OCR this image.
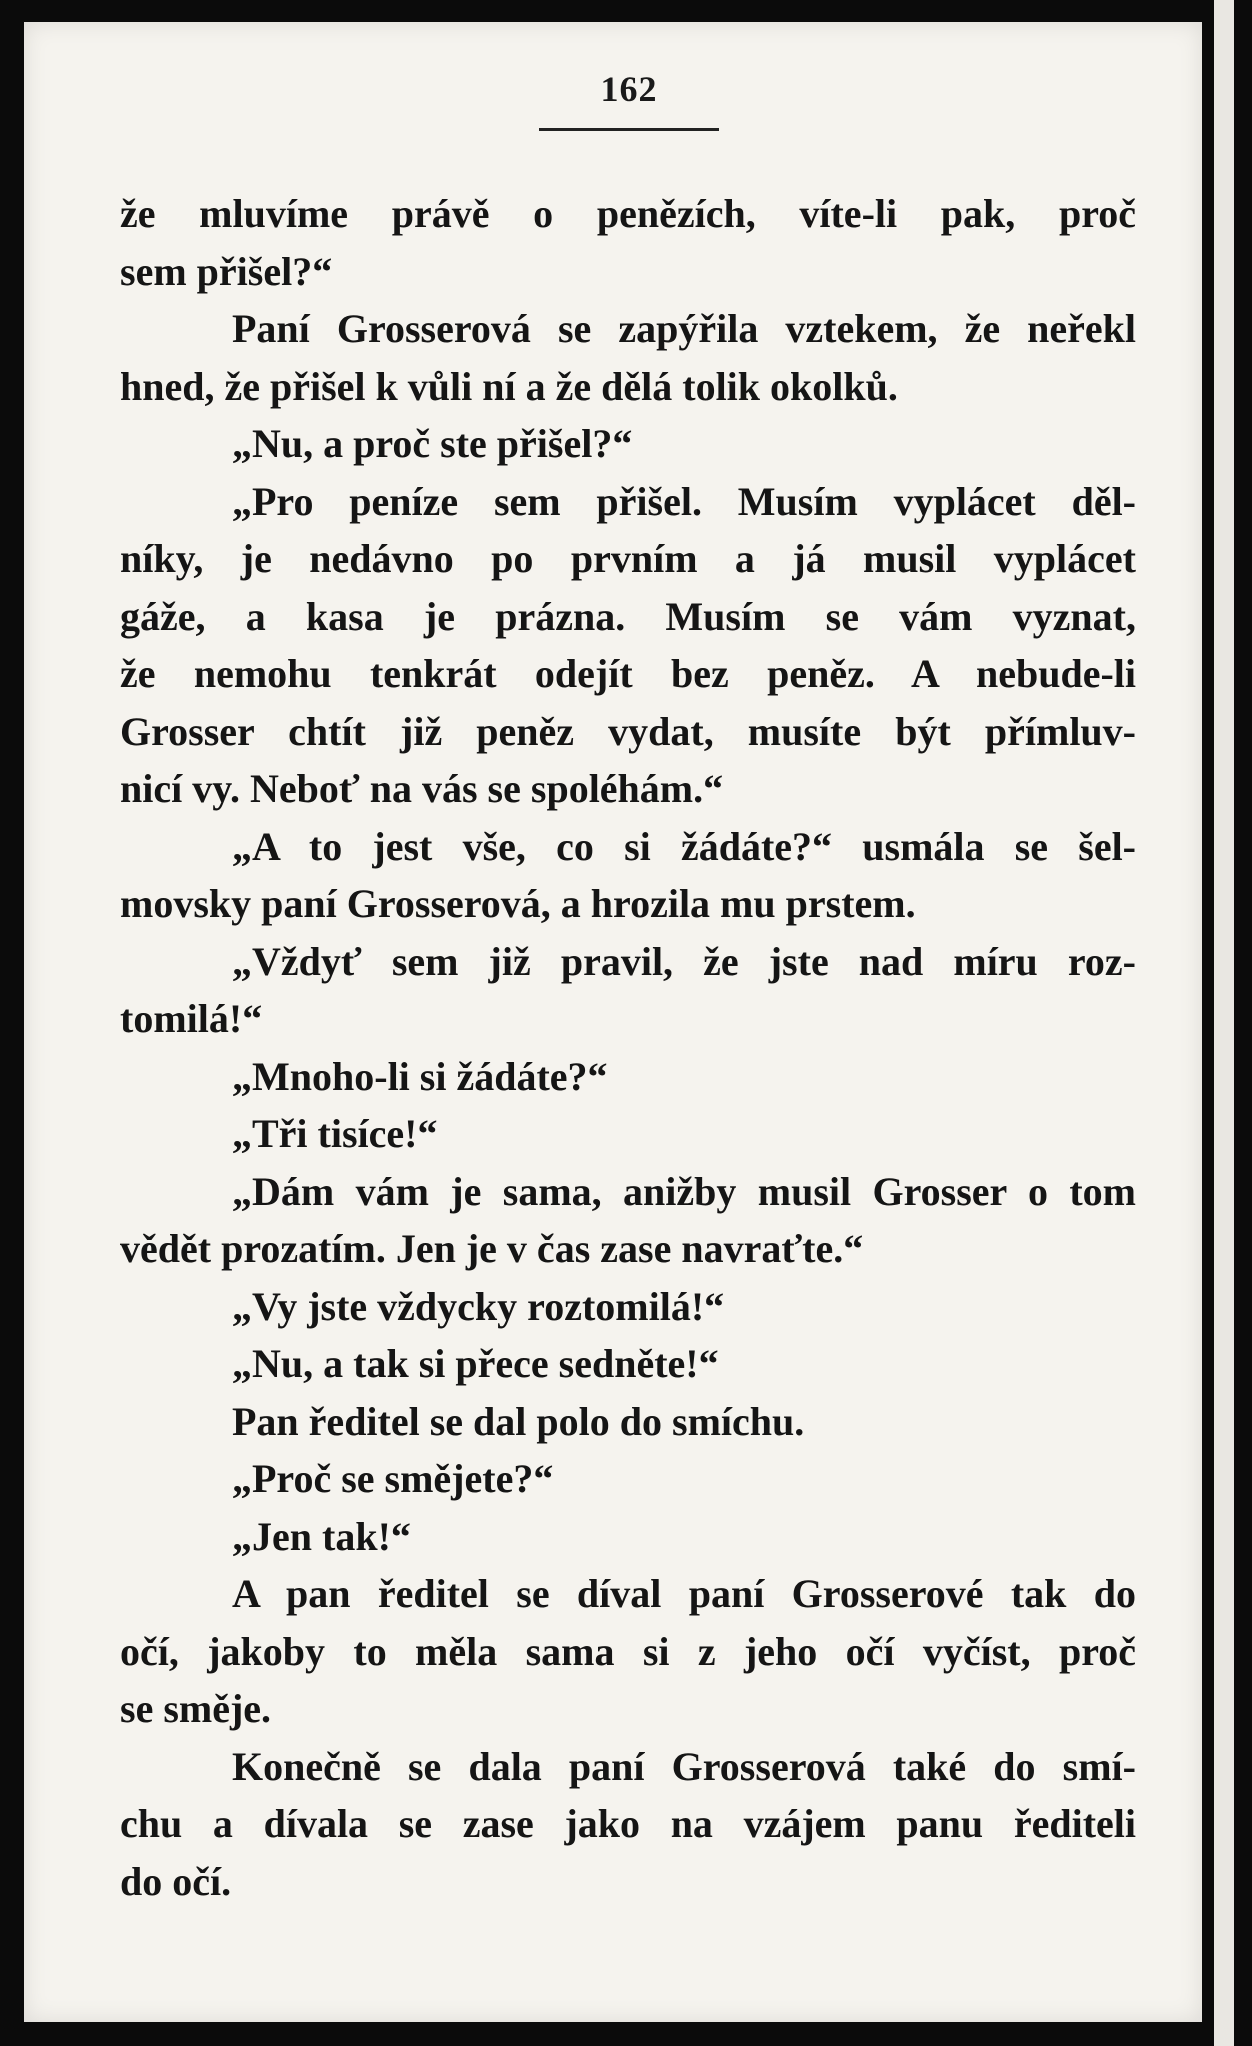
162
že mluvíme právě o penězích, víte-li pak, proč
sem přišel?“
Paní Grosserová se zapýřila vztekem, že neřekl
hned, že přišel k vůli ní a že dělá tolik okolků.
„Nu, a proč ste přišel?“
„Pro peníze sem přišel. Musím vyplácet děl-
níky, je nedávno po prvním a já musil vyplácet
gáže, a kasa je prázna. Musím se vám vyznat,
že nemohu tenkrát odejít bez peněz. A nebude-li
Grosser chtít již peněz vydat, musíte být přímluv-
nicí vy. Neboť na vás se spoléhám.“
„A to jest vše, co si žádáte?“ usmála se šel-
movsky paní Grosserová, a hrozila mu prstem.
„Vždyť sem již pravil, že jste nad míru roz-
tomilá!“
„Mnoho-li si žádáte?“
„Tři tisíce!“
„Dám vám je sama, anižby musil Grosser o tom
vědět prozatím. Jen je v čas zase navraťte.“
„Vy jste vždycky roztomilá!“
„Nu, a tak si přece sedněte!“
Pan ředitel se dal polo do smíchu.
„Proč se smějete?“
„Jen tak!“
A pan ředitel se díval paní Grosserové tak do
očí, jakoby to měla sama si z jeho očí vyčíst, proč
se směje.
Konečně se dala paní Grosserová také do smí-
chu a dívala se zase jako na vzájem panu řediteli
do očí.
